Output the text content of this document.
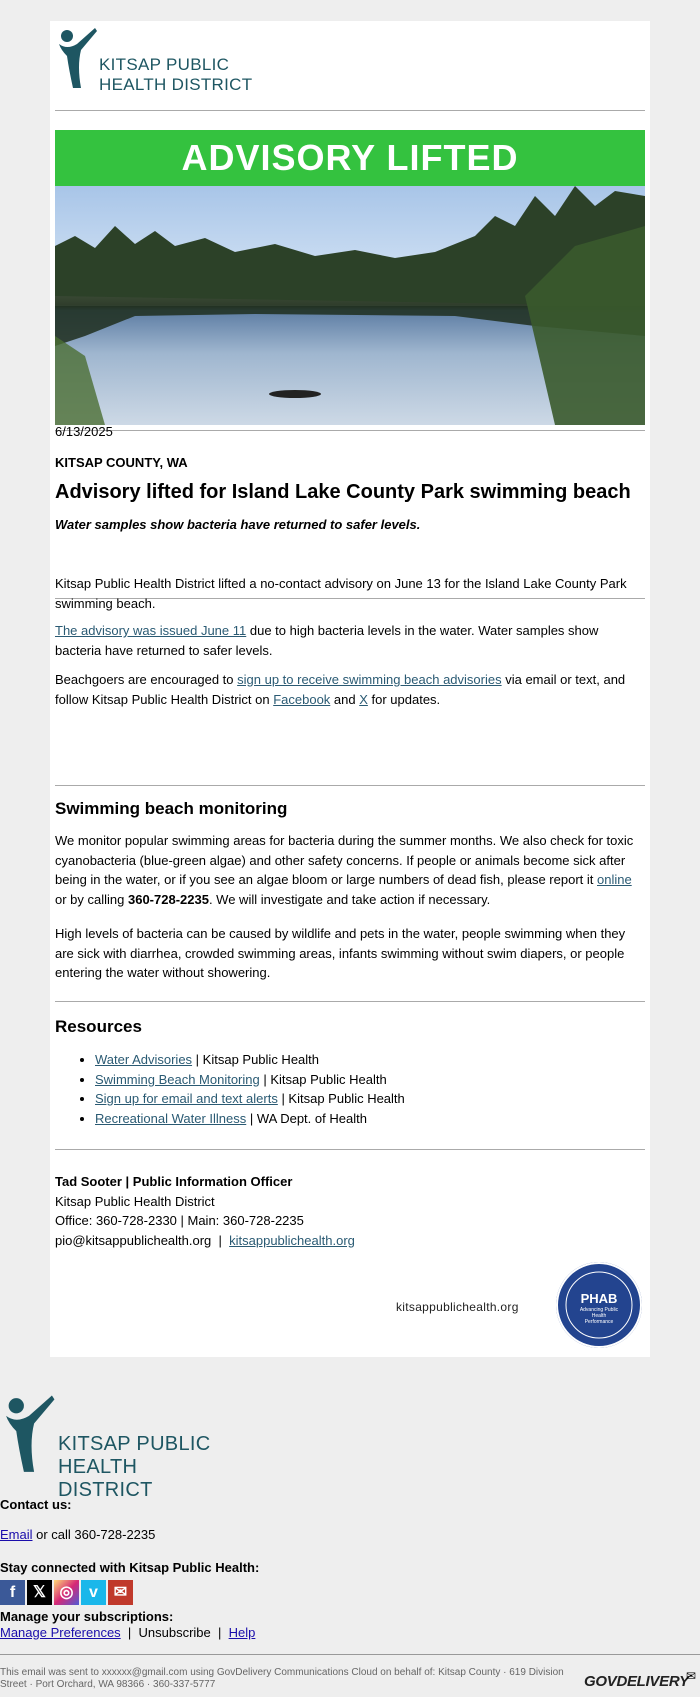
KITSAP PUBLIC
HEALTH DISTRICT
ADVISORY LIFTED
6/13/2025
KITSAP COUNTY, WA
Advisory lifted for Island Lake County Park swimming beach
Water samples show bacteria have returned to safer levels.
Kitsap Public Health District lifted a no-contact advisory on June 13 for the Island Lake County Park swimming beach.
The advisory was issued June 11 due to high bacteria levels in the water. Water samples show bacteria have returned to safer levels.
Beachgoers are encouraged to sign up to receive swimming beach advisories via email or text, and follow Kitsap Public Health District on Facebook and X for updates.
Swimming beach monitoring
We monitor popular swimming areas for bacteria during the summer months. We also check for toxic cyanobacteria (blue-green algae) and other safety concerns. If people or animals become sick after being in the water, or if you see an algae bloom or large numbers of dead fish, please report it online or by calling 360-728-2235. We will investigate and take action if necessary.
High levels of bacteria can be caused by wildlife and pets in the water, people swimming when they are sick with diarrhea, crowded swimming areas, infants swimming without swim diapers, or people entering the water without showering.
Resources
• Water Advisories | Kitsap Public Health
• Swimming Beach Monitoring | Kitsap Public Health
• Sign up for email and text alerts | Kitsap Public Health
• Recreational Water Illness | WA Dept. of Health
Tad Sooter | Public Information Officer
Kitsap Public Health District
Office: 360-728-2330 | Main: 360-728-2235
pio@kitsappublichealth.org  |  kitsappublichealth.org
kitsappublichealth.org
PHAB
Advancing Public Health Performance
KITSAP PUBLIC
HEALTH DISTRICT
Contact us:
Email or call 360-728-2235
Stay connected with Kitsap Public Health:
f 𝕏 ◎ v ✉
Manage your subscriptions:
Manage Preferences  |  Unsubscribe  |  Help
This email was sent to xxxxxx@gmail.com using GovDelivery Communications Cloud on behalf of: Kitsap County · 619 Division Street · Port Orchard, WA 98366 · 360-337-5777	GOVDELIVERY
✉
